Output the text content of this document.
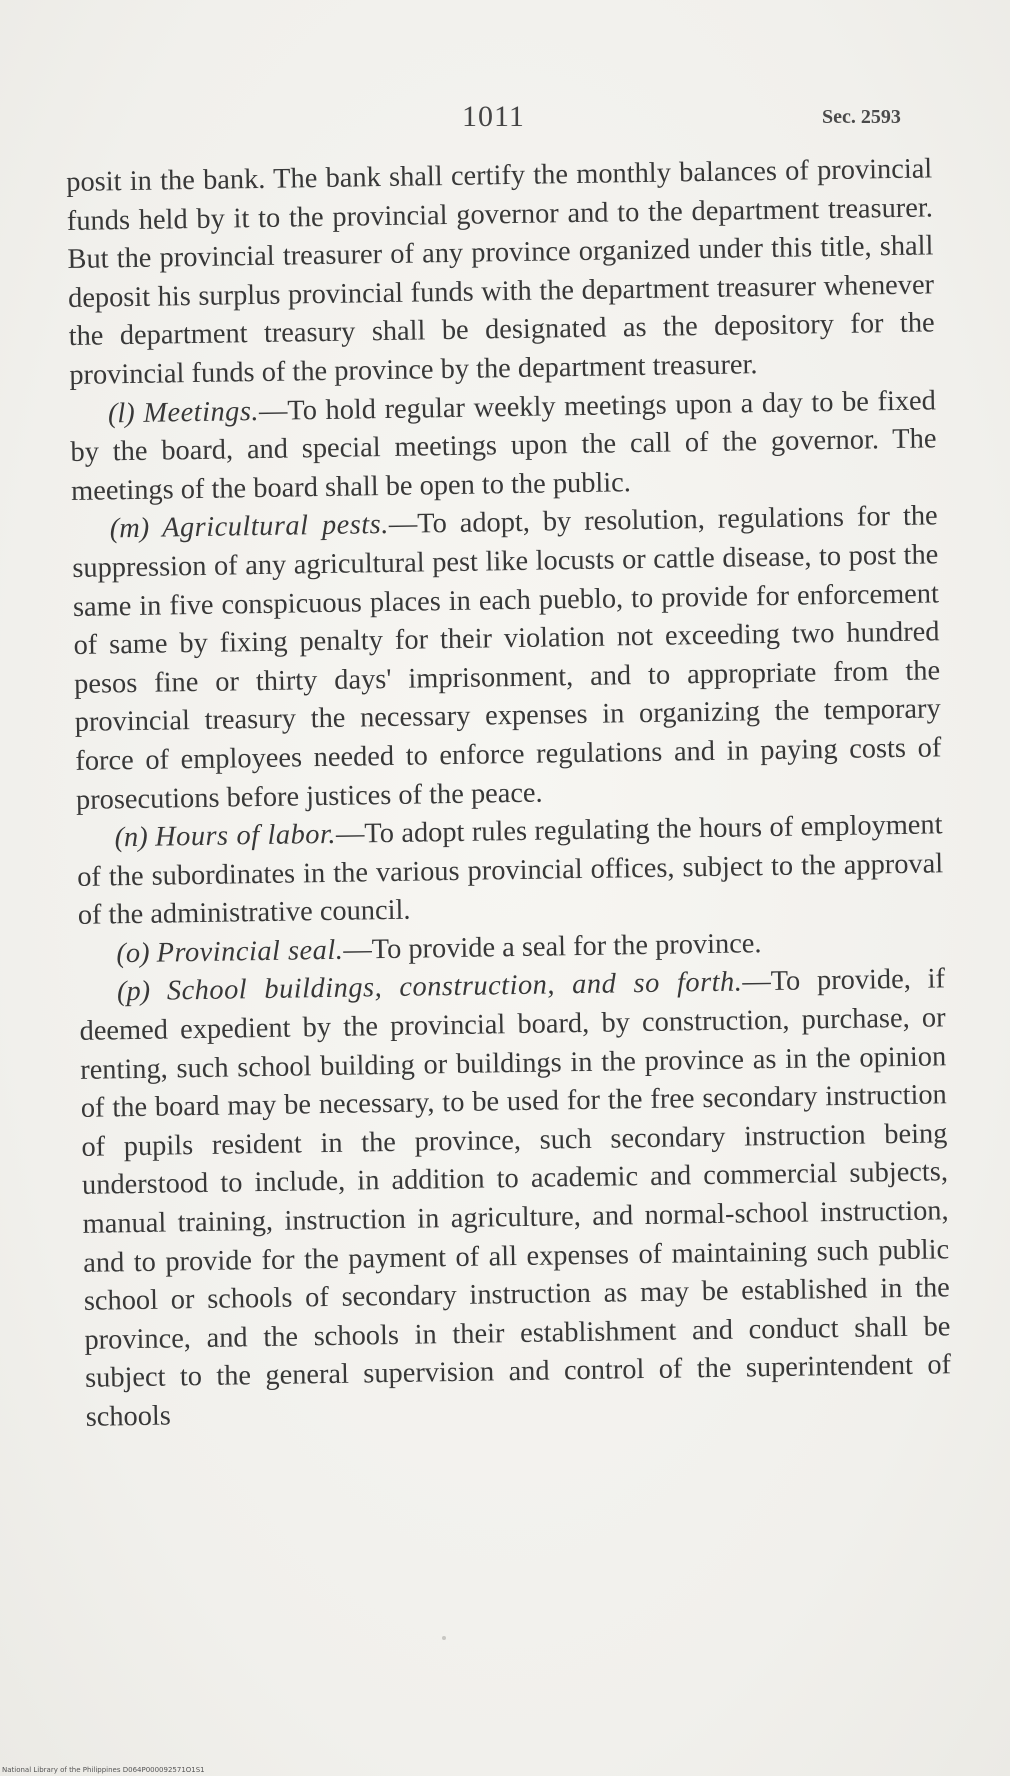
1011	Sec. 2593

posit in the bank. The bank shall certify the monthly balances of provincial funds held by it to the provincial governor and to the department treasurer. But the provincial treasurer of any province organized under this title, shall deposit his surplus provincial funds with the department treasurer whenever the department treasury shall be designated as the depository for the provincial funds of the province by the department treasurer.

(l) Meetings.—To hold regular weekly meetings upon a day to be fixed by the board, and special meetings upon the call of the governor. The meetings of the board shall be open to the public.

(m) Agricultural pests.—To adopt, by resolution, regulations for the suppression of any agricultural pest like locusts or cattle disease, to post the same in five conspicuous places in each pueblo, to provide for enforcement of same by fixing penalty for their violation not exceeding two hundred pesos fine or thirty days' imprisonment, and to appropriate from the provincial treasury the necessary expenses in organizing the temporary force of employees needed to enforce regulations and in paying costs of prosecutions before justices of the peace.

(n) Hours of labor.—To adopt rules regulating the hours of employment of the subordinates in the various provincial offices, subject to the approval of the administrative council.

(o) Provincial seal.—To provide a seal for the province.

(p) School buildings, construction, and so forth.—To provide, if deemed expedient by the provincial board, by construction, purchase, or renting, such school building or buildings in the province as in the opinion of the board may be necessary, to be used for the free secondary instruction of pupils resident in the province, such secondary instruction being understood to include, in addition to academic and commercial subjects, manual training, instruction in agriculture, and normal-school instruction, and to provide for the payment of all expenses of maintaining such public school or schools of secondary instruction as may be established in the province, and the schools in their establishment and conduct shall be subject to the general supervision and control of the superintendent of schools

National Library of the Philippines D064P000092571O1S1
